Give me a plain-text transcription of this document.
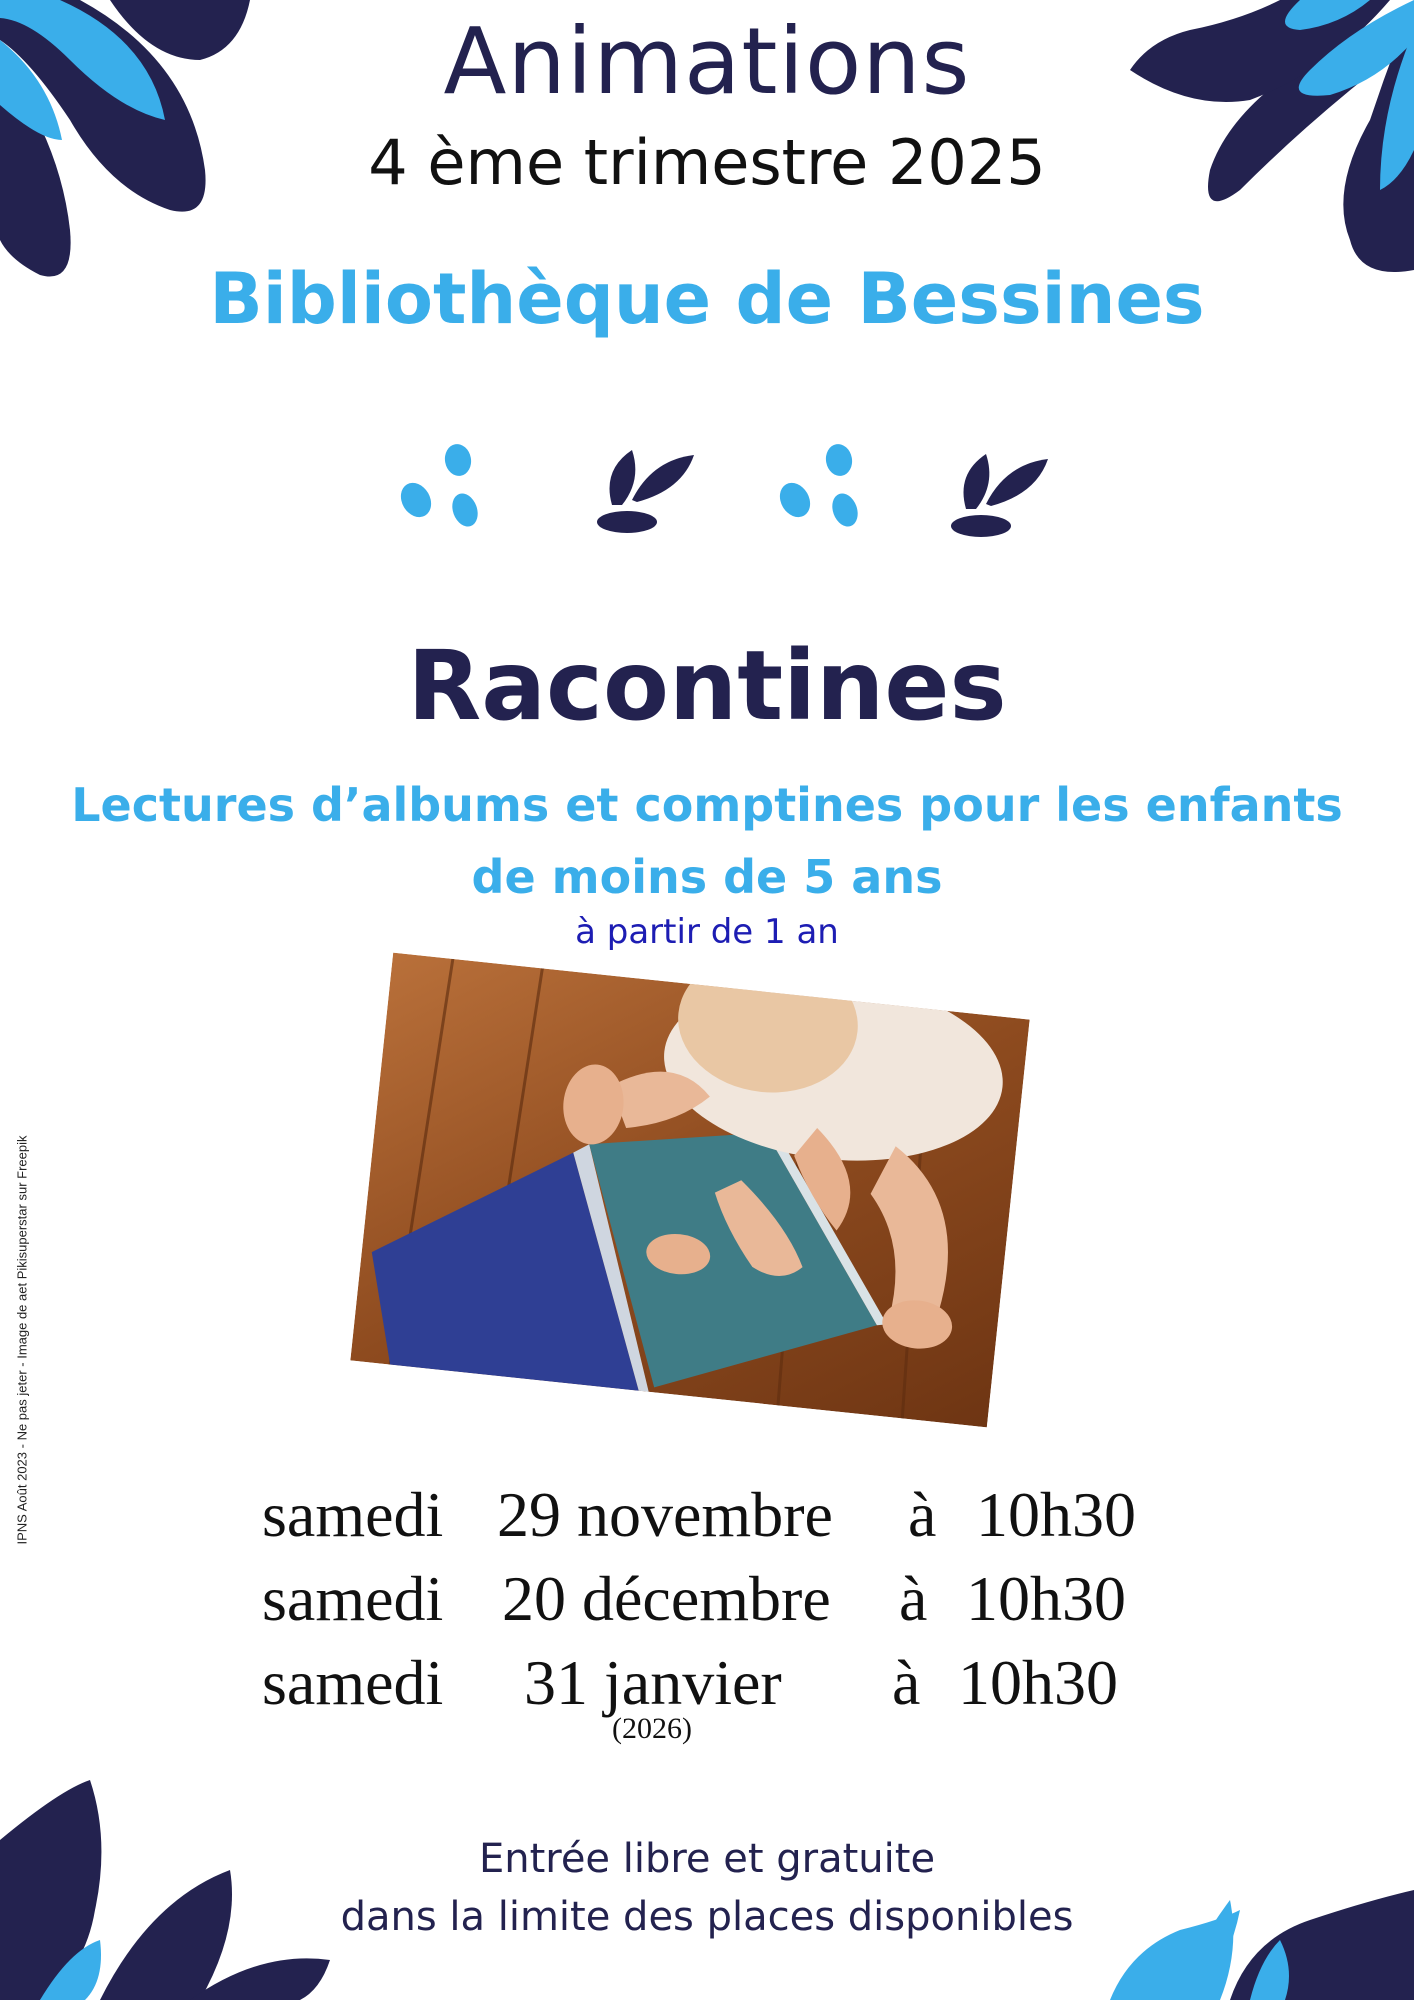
Animations
4 ème trimestre 2025
Bibliothèque de Bessines
Racontines
Lectures d’albums et comptines pour les enfants
de moins de 5 ans
à partir de 1 an
samedi 29 novembre à 10h30
samedi 20 décembre à 10h30
samedi 31 janvier à 10h30
(2026)
Entrée libre et gratuite
dans la limite des places disponibles
IPNS Août 2023 - Ne pas jeter - Image de aet Pikisuperstar sur Freepik
